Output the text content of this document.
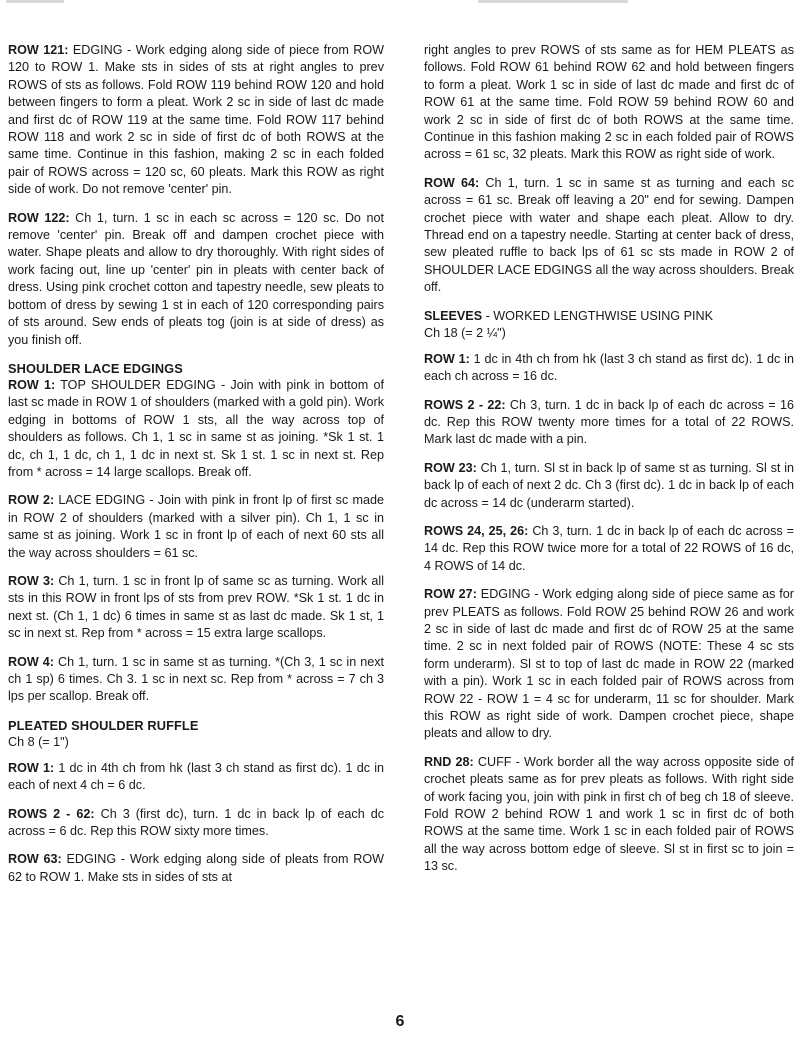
ROW 121: EDGING - Work edging along side of piece from ROW 120 to ROW 1. Make sts in sides of sts at right angles to prev ROWS of sts as follows. Fold ROW 119 behind ROW 120 and hold between fingers to form a pleat. Work 2 sc in side of last dc made and first dc of ROW 119 at the same time. Fold ROW 117 behind ROW 118 and work 2 sc in side of first dc of both ROWS at the same time. Continue in this fashion, making 2 sc in each folded pair of ROWS across = 120 sc, 60 pleats. Mark this ROW as right side of work. Do not remove 'center' pin.

ROW 122: Ch 1, turn. 1 sc in each sc across = 120 sc. Do not remove 'center' pin. Break off and dampen crochet piece with water. Shape pleats and allow to dry thoroughly. With right sides of work facing out, line up 'center' pin in pleats with center back of dress. Using pink crochet cotton and tapestry needle, sew pleats to bottom of dress by sewing 1 st in each of 120 corresponding pairs of sts around. Sew ends of pleats tog (join is at side of dress) as you finish off.

SHOULDER LACE EDGINGS

ROW 1: TOP SHOULDER EDGING - Join with pink in bottom of last sc made in ROW 1 of shoulders (marked with a gold pin). Work edging in bottoms of ROW 1 sts, all the way across top of shoulders as follows. Ch 1, 1 sc in same st as joining. *Sk 1 st. 1 dc, ch 1, 1 dc, ch 1, 1 dc in next st. Sk 1 st. 1 sc in next st. Rep from * across = 14 large scallops. Break off.

ROW 2: LACE EDGING - Join with pink in front lp of first sc made in ROW 2 of shoulders (marked with a silver pin). Ch 1, 1 sc in same st as joining. Work 1 sc in front lp of each of next 60 sts all the way across shoulders = 61 sc.

ROW 3: Ch 1, turn. 1 sc in front lp of same sc as turning. Work all sts in this ROW in front lps of sts from prev ROW. *Sk 1 st. 1 dc in next st. (Ch 1, 1 dc) 6 times in same st as last dc made. Sk 1 st, 1 sc in next st. Rep from * across = 15 extra large scallops.

ROW 4: Ch 1, turn. 1 sc in same st as turning. *(Ch 3, 1 sc in next ch 1 sp) 6 times. Ch 3. 1 sc in next sc. Rep from * across = 7 ch 3 lps per scallop. Break off.

PLEATED SHOULDER RUFFLE

Ch 8 (= 1")

ROW 1: 1 dc in 4th ch from hk (last 3 ch stand as first dc). 1 dc in each of next 4 ch = 6 dc.

ROWS 2 - 62: Ch 3 (first dc), turn. 1 dc in back lp of each dc across = 6 dc. Rep this ROW sixty more times.

ROW 63: EDGING - Work edging along side of pleats from ROW 62 to ROW 1. Make sts in sides of sts at

right angles to prev ROWS of sts same as for HEM PLEATS as follows. Fold ROW 61 behind ROW 62 and hold between fingers to form a pleat. Work 1 sc in side of last dc made and first dc of ROW 61 at the same time. Fold ROW 59 behind ROW 60 and work 2 sc in side of first dc of both ROWS at the same time. Continue in this fashion making 2 sc in each folded pair of ROWS across = 61 sc, 32 pleats. Mark this ROW as right side of work.

ROW 64: Ch 1, turn. 1 sc in same st as turning and each sc across = 61 sc. Break off leaving a 20" end for sewing. Dampen crochet piece with water and shape each pleat. Allow to dry. Thread end on a tapestry needle. Starting at center back of dress, sew pleated ruffle to back lps of 61 sc sts made in ROW 2 of SHOULDER LACE EDGINGS all the way across shoulders. Break off.

SLEEVES - WORKED LENGTHWISE USING PINK

Ch 18 (= 2 ¼")

ROW 1: 1 dc in 4th ch from hk (last 3 ch stand as first dc). 1 dc in each ch across = 16 dc.

ROWS 2 - 22: Ch 3, turn. 1 dc in back lp of each dc across = 16 dc. Rep this ROW twenty more times for a total of 22 ROWS. Mark last dc made with a pin.

ROW 23: Ch 1, turn. Sl st in back lp of same st as turning. Sl st in back lp of each of next 2 dc. Ch 3 (first dc). 1 dc in back lp of each dc across = 14 dc (underarm started).

ROWS 24, 25, 26: Ch 3, turn. 1 dc in back lp of each dc across = 14 dc. Rep this ROW twice more for a total of 22 ROWS of 16 dc, 4 ROWS of 14 dc.

ROW 27: EDGING - Work edging along side of piece same as for prev PLEATS as follows. Fold ROW 25 behind ROW 26 and work 2 sc in side of last dc made and first dc of ROW 25 at the same time. 2 sc in next folded pair of ROWS (NOTE: These 4 sc sts form underarm). Sl st to top of last dc made in ROW 22 (marked with a pin). Work 1 sc in each folded pair of ROWS across from ROW 22 - ROW 1 = 4 sc for underarm, 11 sc for shoulder. Mark this ROW as right side of work. Dampen crochet piece, shape pleats and allow to dry.

RND 28: CUFF - Work border all the way across opposite side of crochet pleats same as for prev pleats as follows. With right side of work facing you, join with pink in first ch of beg ch 18 of sleeve. Fold ROW 2 behind ROW 1 and work 1 sc in first dc of both ROWS at the same time. Work 1 sc in each folded pair of ROWS all the way across bottom edge of sleeve. Sl st in first sc to join = 13 sc.

6
